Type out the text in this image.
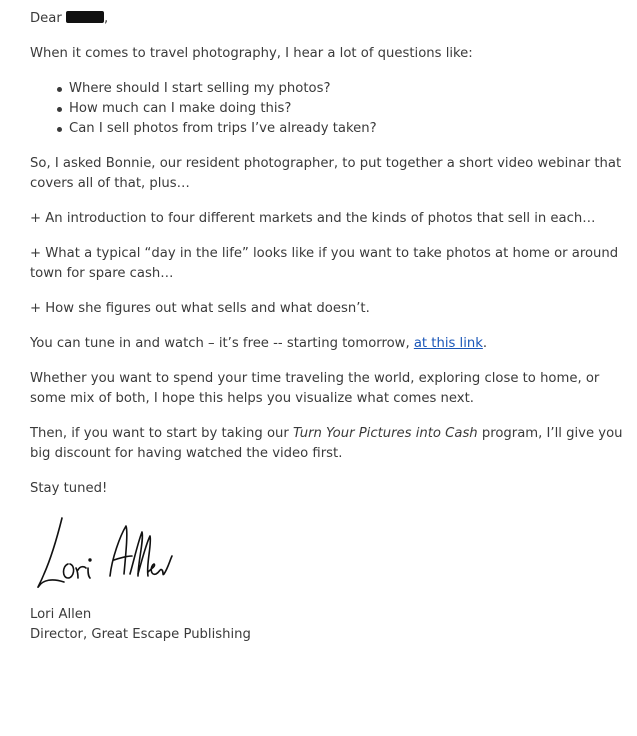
Dear	,
When it comes to travel photography, I hear a lot of questions like:
Where should I start selling my photos?
How much can I make doing this?
Can I sell photos from trips I’ve already taken?
So, I asked Bonnie, our resident photographer, to put together a short video webinar that
covers all of that, plus…
+ An introduction to four different markets and the kinds of photos that sell in each…
+ What a typical “day in the life” looks like if you want to take photos at home or around
town for spare cash…
+ How she figures out what sells and what doesn’t.
You can tune in and watch – it’s free -- starting tomorrow, at this link.
Whether you want to spend your time traveling the world, exploring close to home, or
some mix of both, I hope this helps you visualize what comes next.
Then, if you want to start by taking our Turn Your Pictures into Cash program, I’ll give you
big discount for having watched the video first.
Stay tuned!
Lori Allen
Director, Great Escape Publishing
